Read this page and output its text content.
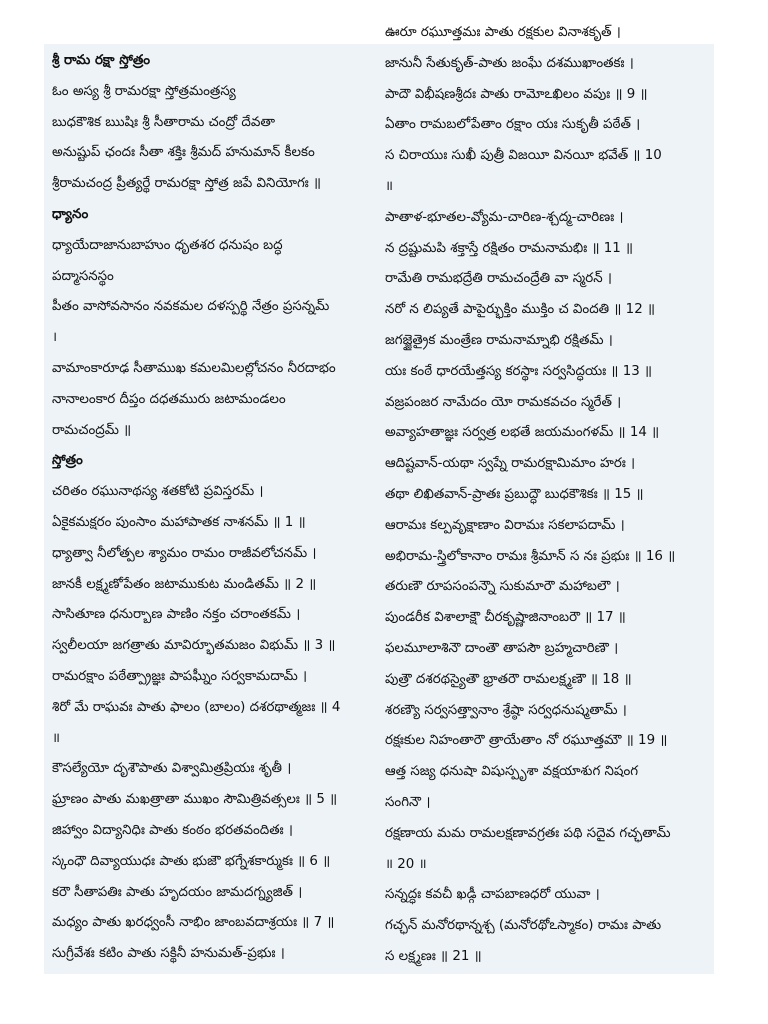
శ్రీ రామ రక్షా స్తోత్రం
ఓం అస్య శ్రీ రామరక్షా స్తోత్రమంత్రస్య
బుధకౌశిక ఋషిః శ్రీ సీతారామ చంద్రో దేవతా
అనుష్టుప్ ఛందః సీతా శక్తిః శ్రీమద్ హనుమాన్ కీలకం
శ్రీరామచంద్ర ప్రీత్యర్థే రామరక్షా స్తోత్ర జపే వినియోగః ॥
ధ్యానం
ధ్యాయేదాజానుబాహుం ధృతశర ధనుషం బద్ధ
పద్మాసనస్థం
పీతం వాసోవసానం నవకమల దళస్పర్థి నేత్రం ప్రసన్నమ్
।
వామాంకారూఢ సీతాముఖ కమలమిలల్లోచనం నీరదాభం
నానాలంకార దీప్తం దధతమురు జటామండలం
రామచంద్రమ్ ॥
స్తోత్రం
చరితం రఘునాథస్య శతకోటి ప్రవిస్తరమ్ ।
ఏకైకమక్షరం పుంసాం మహాపాతక నాశనమ్ ॥ 1 ॥
ధ్యాత్వా నీలోత్పల శ్యామం రామం రాజీవలోచనమ్ ।
జానకీ లక్ష్మణోపేతం జటాముకుట మండితమ్ ॥ 2 ॥
సాసితూణ ధనుర్బాణ పాణిం నక్తం చరాంతకమ్ ।
స్వలీలయా జగత్రాతు మావిర్భూతమజం విభుమ్ ॥ 3 ॥
రామరక్షాం పఠేత్ప్రాజ్ఞః పాపఘ్నీం సర్వకామదామ్ ।
శిరో మే రాఘవః పాతు ఫాలం (బాలం) దశరథాత్మజః ॥ 4
॥
కౌసల్యేయో దృశౌపాతు విశ్వామిత్రప్రియః శృతీ ।
ఘ్రాణం పాతు మఖత్రాతా ముఖం సౌమిత్రివత్సలః ॥ 5 ॥
జిహ్వాం విద్యానిధిః పాతు కంఠం భరతవందితః ।
స్కంధౌ దివ్యాయుధః పాతు భుజౌ భగ్నేశకార్ముకః ॥ 6 ॥
కరౌ సీతాపతిః పాతు హృదయం జామదగ్న్యజిత్ ।
మధ్యం పాతు ఖరధ్వంసీ నాభిం జాంబవదాశ్రయః ॥ 7 ॥
సుగ్రీవేశః కటిం పాతు సక్థినీ హనుమత్-ప్రభుః ।
ఊరూ రఘూత్తమః పాతు రక్షకుల వినాశకృత్ ।
జానునీ సేతుకృత్-పాతు జంఘే దశముఖాంతకః ।
పాదౌ విభీషణశ్రీదః పాతు రామోఽఖిలం వపుః ॥ 9 ॥
ఏతాం రామబలోపేతాం రక్షాం యః సుకృతీ పఠేత్ ।
స చిరాయుః సుఖీ పుత్రీ విజయీ వినయీ భవేత్ ॥ 10
॥
పాతాళ-భూతల-వ్యోమ-చారిణ-శ్చద్మ-చారిణః ।
న ద్రష్టుమపి శక్తాస్తే రక్షితం రామనామభిః ॥ 11 ॥
రామేతి రామభద్రేతి రామచంద్రేతి వా స్మరన్ ।
నరో న లిప్యతే పాపైర్భుక్తిం ముక్తిం చ విందతి ॥ 12 ॥
జగజ్జైత్రైక మంత్రేణ రామనామ్నాభి రక్షితమ్ ।
యః కంఠే ధారయేత్తస్య కరస్థాః సర్వసిద్ధయః ॥ 13 ॥
వజ్రపంజర నామేదం యో రామకవచం స్మరేత్ ।
అవ్యాహతాజ్ఞః సర్వత్ర లభతే జయమంగళమ్ ॥ 14 ॥
ఆదిష్టవాన్-యథా స్వప్నే రామరక్షామిమాం హరః ।
తథా లిఖితవాన్-ప్రాతః ప్రబుద్ధౌ బుధకౌశికః ॥ 15 ॥
ఆరామః కల్పవృక్షాణాం విరామః సకలాపదామ్ ।
అభిరామ-స్త్రిలోకానాం రామః శ్రీమాన్ స నః ప్రభుః ॥ 16 ॥
తరుణౌ రూపసంపన్నౌ సుకుమారౌ మహాబలౌ ।
పుండరీక విశాలాక్షౌ చీరకృష్ణాజినాంబరౌ ॥ 17 ॥
ఫలమూలాశినౌ దాంతౌ తాపసౌ బ్రహ్మచారిణౌ ।
పుత్రౌ దశరథస్యైతౌ భ్రాతరౌ రామలక్ష్మణౌ ॥ 18 ॥
శరణ్యౌ సర్వసత్త్వానాం శ్రేష్ఠా సర్వధనుష్మతామ్ ।
రక్షఃకుల నిహంతారౌ త్రాయేతాం నో రఘూత్తమౌ ॥ 19 ॥
ఆత్త సజ్య ధనుషా విషుస్పృశా వక్షయాశుగ నిషంగ
సంగినౌ ।
రక్షణాయ మమ రామలక్షణావగ్రతః పథి సదైవ గచ్ఛతామ్
॥ 20 ॥
సన్నద్ధః కవచీ ఖడ్గీ చాపబాణధరో యువా ।
గచ్ఛన్ మనోరథాన్నశ్చ (మనోరథోఽస్మాకం) రామః పాతు
స లక్ష్మణః ॥ 21 ॥
